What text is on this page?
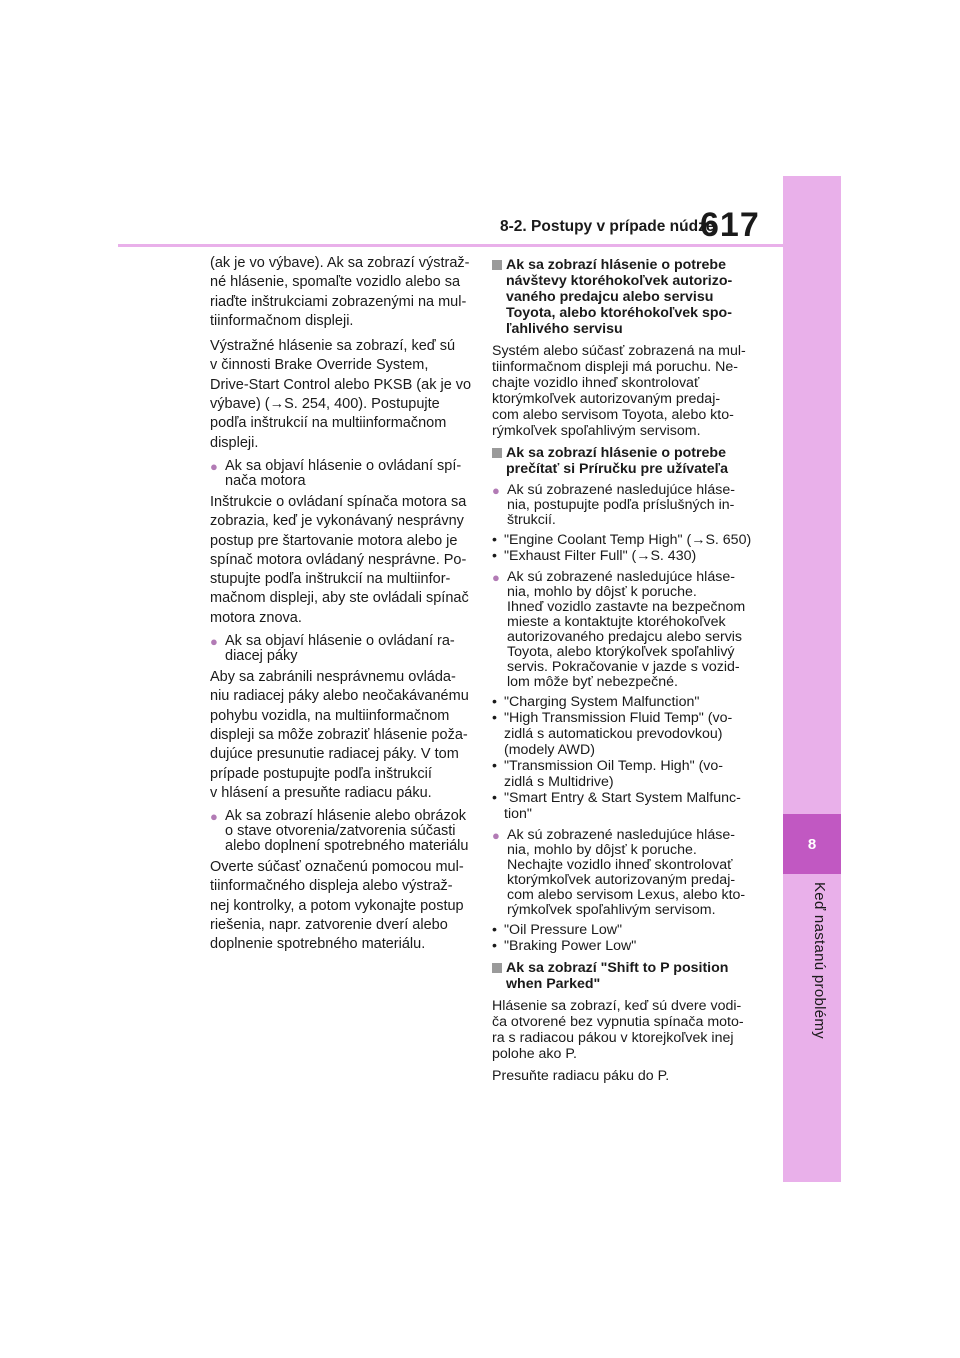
8
Keď nastanú problémy
8-2. Postupy v prípade núdze
617
(ak je vo výbave). Ak sa zobrazí výstraž-
né hlásenie, spomaľte vozidlo alebo sa
riaďte inštrukciami zobrazenými na mul-
tiinformačnom displeji.
Výstražné hlásenie sa zobrazí, keď sú
v činnosti Brake Override System,
Drive-Start Control alebo PKSB (ak je vo
výbave) (→S. 254, 400). Postupujte
podľa inštrukcií na multiinformačnom
displeji.
● Ak sa objaví hlásenie o ovládaní spí-
nača motora
Inštrukcie o ovládaní spínača motora sa
zobrazia, keď je vykonávaný nesprávny
postup pre štartovanie motora alebo je
spínač motora ovládaný nesprávne. Po-
stupujte podľa inštrukcií na multiinfor-
mačnom displeji, aby ste ovládali spínač
motora znova.
● Ak sa objaví hlásenie o ovládaní ra-
diacej páky
Aby sa zabránili nesprávnemu ovláda-
niu radiacej páky alebo neočakávanému
pohybu vozidla, na multiinformačnom
displeji sa môže zobraziť hlásenie poža-
dujúce presunutie radiacej páky. V tom
prípade postupujte podľa inštrukcií
v hlásení a presuňte radiacu páku.
● Ak sa zobrazí hlásenie alebo obrázok
o stave otvorenia/zatvorenia súčasti
alebo doplnení spotrebného materiálu
Overte súčasť označenú pomocou mul-
tiinformačného displeja alebo výstraž-
nej kontrolky, a potom vykonajte postup
riešenia, napr. zatvorenie dverí alebo
doplnenie spotrebného materiálu.
Ak sa zobrazí hlásenie o potrebe
návštevy ktoréhokoľvek autorizo-
vaného predajcu alebo servisu
Toyota, alebo ktoréhokoľvek spo-
ľahlivého servisu
Systém alebo súčasť zobrazená na mul-
tiinformačnom displeji má poruchu. Ne-
chajte vozidlo ihneď skontrolovať
ktorýmkoľvek autorizovaným predaj-
com alebo servisom Toyota, alebo kto-
rýmkoľvek spoľahlivým servisom.
Ak sa zobrazí hlásenie o potrebe
prečítať si Príručku pre užívateľa
● Ak sú zobrazené nasledujúce hláse-
nia, postupujte podľa príslušných in-
štrukcií.
• "Engine Coolant Temp High" (→S. 650)
• "Exhaust Filter Full" (→S. 430)
● Ak sú zobrazené nasledujúce hláse-
nia, mohlo by dôjsť k poruche.
Ihneď vozidlo zastavte na bezpečnom
mieste a kontaktujte ktoréhokoľvek
autorizovaného predajcu alebo servis
Toyota, alebo ktorýkoľvek spoľahlivý
servis. Pokračovanie v jazde s vozid-
lom môže byť nebezpečné.
• "Charging System Malfunction"
• "High Transmission Fluid Temp" (vo-
zidlá s automatickou prevodovkou)
(modely AWD)
• "Transmission Oil Temp. High" (vo-
zidlá s Multidrive)
• "Smart Entry & Start System Malfunc-
tion"
● Ak sú zobrazené nasledujúce hláse-
nia, mohlo by dôjsť k poruche.
Nechajte vozidlo ihneď skontrolovať
ktorýmkoľvek autorizovaným predaj-
com alebo servisom Lexus, alebo kto-
rýmkoľvek spoľahlivým servisom.
• "Oil Pressure Low"
• "Braking Power Low"
Ak sa zobrazí "Shift to P position
when Parked"
Hlásenie sa zobrazí, keď sú dvere vodi-
ča otvorené bez vypnutia spínača moto-
ra s radiacou pákou v ktorejkoľvek inej
polohe ako P.
Presuňte radiacu páku do P.
